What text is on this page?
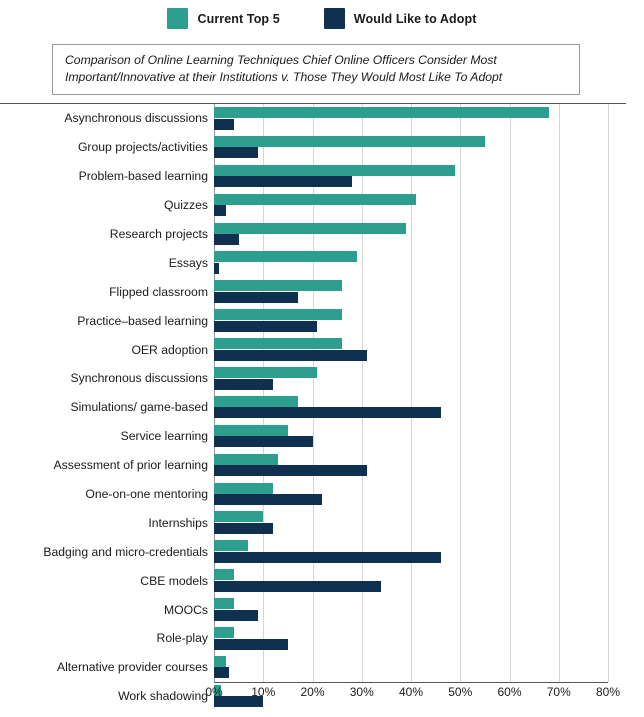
Current Top 5	Would Like to Adopt
Comparison of Online Learning Techniques Chief Online Officers Consider Most Important/Innovative at their Institutions v. Those They Would Most Like To Adopt
Asynchronous discussions
Group projects/activities
Problem-based learning
Quizzes
Research projects
Essays
Flipped classroom
Practice–based learning
OER adoption
Synchronous discussions
Simulations/ game-based
Service learning
Assessment of prior learning
One-on-one mentoring
Internships
Badging and micro-credentials
CBE models
MOOCs
Role-play
Alternative provider courses
Work shadowing
0% 10% 20% 30% 40% 50% 60% 70% 80%
